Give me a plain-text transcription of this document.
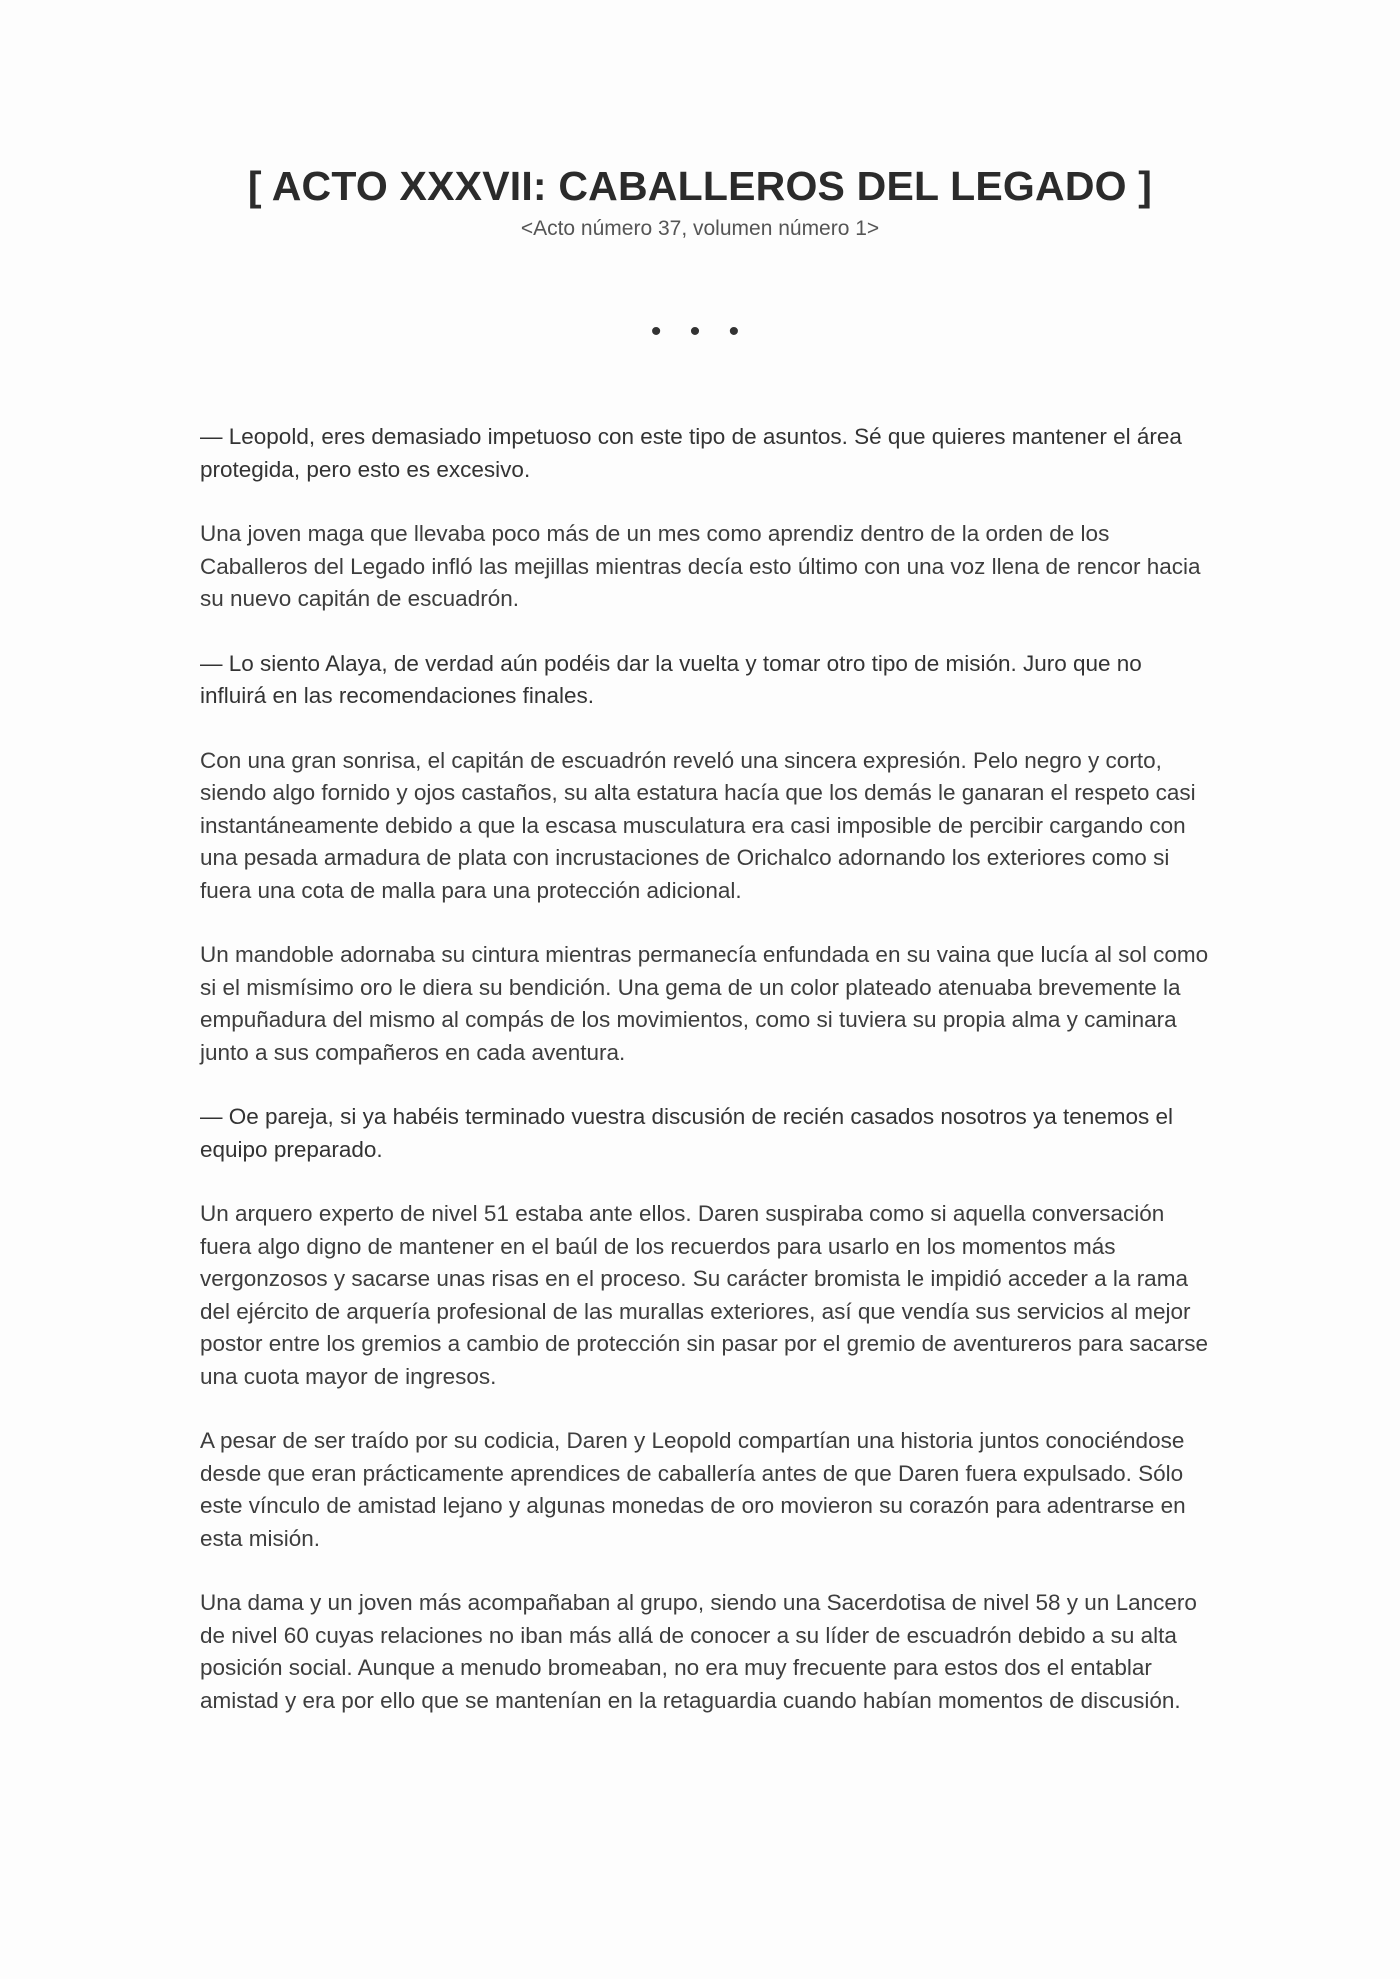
[ ACTO XXXVII: CABALLEROS DEL LEGADO ]

<Acto número 37, volumen número 1>

• • •

— Leopold, eres demasiado impetuoso con este tipo de asuntos. Sé que quieres mantener el área protegida, pero esto es excesivo.

Una joven maga que llevaba poco más de un mes como aprendiz dentro de la orden de los Caballeros del Legado infló las mejillas mientras decía esto último con una voz llena de rencor hacia su nuevo capitán de escuadrón.

— Lo siento Alaya, de verdad aún podéis dar la vuelta y tomar otro tipo de misión. Juro que no influirá en las recomendaciones finales.

Con una gran sonrisa, el capitán de escuadrón reveló una sincera expresión. Pelo negro y corto, siendo algo fornido y ojos castaños, su alta estatura hacía que los demás le ganaran el respeto casi instantáneamente debido a que la escasa musculatura era casi imposible de percibir cargando con una pesada armadura de plata con incrustaciones de Orichalco adornando los exteriores como si fuera una cota de malla para una protección adicional.

Un mandoble adornaba su cintura mientras permanecía enfundada en su vaina que lucía al sol como si el mismísimo oro le diera su bendición. Una gema de un color plateado atenuaba brevemente la empuñadura del mismo al compás de los movimientos, como si tuviera su propia alma y caminara junto a sus compañeros en cada aventura.

— Oe pareja, si ya habéis terminado vuestra discusión de recién casados nosotros ya tenemos el equipo preparado.

Un arquero experto de nivel 51 estaba ante ellos. Daren suspiraba como si aquella conversación fuera algo digno de mantener en el baúl de los recuerdos para usarlo en los momentos más vergonzosos y sacarse unas risas en el proceso. Su carácter bromista le impidió acceder a la rama del ejército de arquería profesional de las murallas exteriores, así que vendía sus servicios al mejor postor entre los gremios a cambio de protección sin pasar por el gremio de aventureros para sacarse una cuota mayor de ingresos.

A pesar de ser traído por su codicia, Daren y Leopold compartían una historia juntos conociéndose desde que eran prácticamente aprendices de caballería antes de que Daren fuera expulsado. Sólo este vínculo de amistad lejano y algunas monedas de oro movieron su corazón para adentrarse en esta misión.

Una dama y un joven más acompañaban al grupo, siendo una Sacerdotisa de nivel 58 y un Lancero de nivel 60 cuyas relaciones no iban más allá de conocer a su líder de escuadrón debido a su alta posición social. Aunque a menudo bromeaban, no era muy frecuente para estos dos el entablar amistad y era por ello que se mantenían en la retaguardia cuando habían momentos de discusión.
